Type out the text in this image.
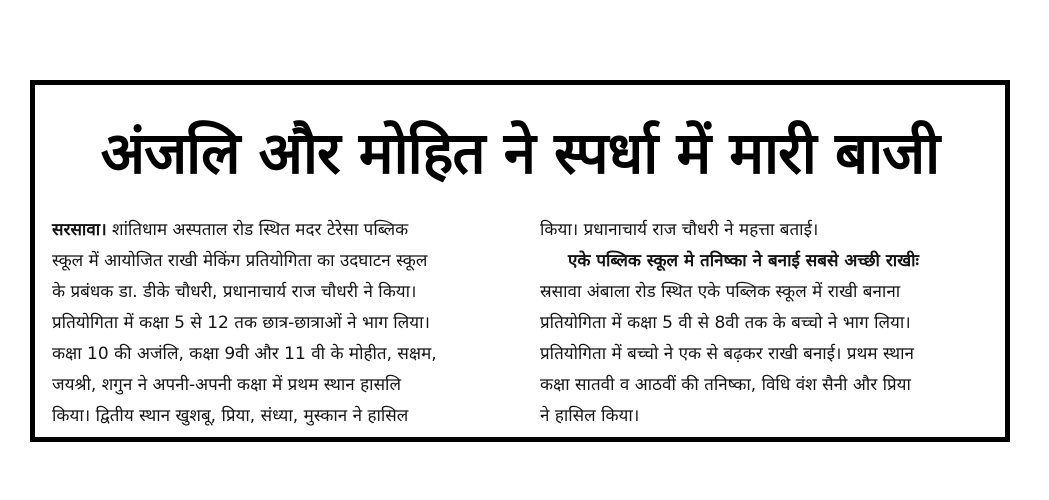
अंजलि और मोहित ने स्पर्धा में मारी बाजी
सरसावा। शांतिधाम अस्पताल रोड स्थित मदर टेरेसा पब्लिक
स्कूल में आयोजित राखी मेकिंग प्रतियोगिता का उदघाटन स्कूल
के प्रबंधक डा. डीके चौधरी, प्रधानाचार्य राज चौधरी ने किया।
प्रतियोगिता में कक्षा 5 से 12 तक छात्र-छात्राओं ने भाग लिया।
कक्षा 10 की अजंलि, कक्षा 9वी और 11 वी के मोहीत, सक्षम,
जयश्री, शगुन ने अपनी-अपनी कक्षा में प्रथम स्थान हासलि
किया। द्वितीय स्थान खुशबू, प्रिया, संध्या, मुस्कान ने हासिल
किया। प्रधानाचार्य राज चौधरी ने महत्ता बताई।
एके पब्लिक स्कूल मे तनिष्का ने बनाई सबसे अच्छी राखीः
स्रसावा अंबाला रोड स्थित एके पब्लिक स्कूल में राखी बनाना
प्रतियोगिता में कक्षा 5 वी से 8वी तक के बच्चो ने भाग लिया।
प्रतियोगिता में बच्चो ने एक से बढ़कर राखी बनाई। प्रथम स्थान
कक्षा सातवी व आठवीं की तनिष्का, विधि वंश सैनी और प्रिया
ने हासिल किया।
